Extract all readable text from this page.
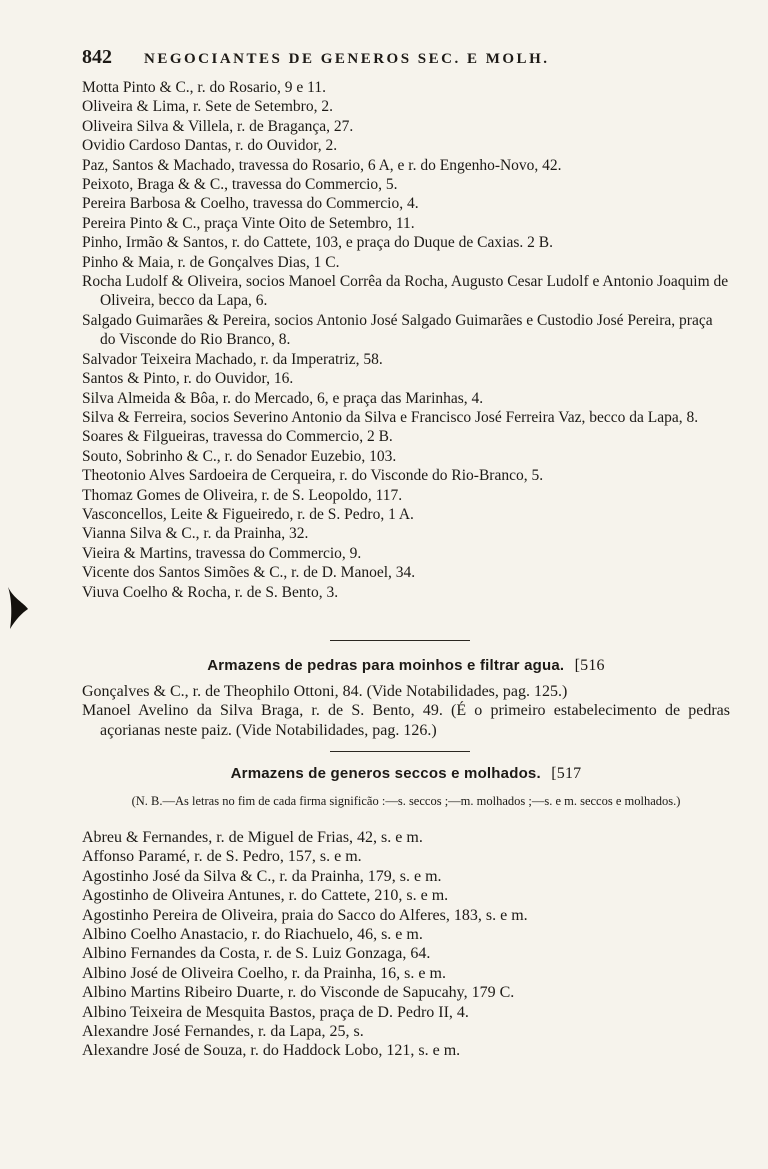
842	NEGOCIANTES DE GENEROS SEC. E MOLH.
Motta Pinto & C., r. do Rosario, 9 e 11.
Oliveira & Lima, r. Sete de Setembro, 2.
Oliveira Silva & Villela, r. de Bragança, 27.
Ovidio Cardoso Dantas, r. do Ouvidor, 2.
Paz, Santos & Machado, travessa do Rosario, 6 A, e r. do Engenho-Novo, 42.
Peixoto, Braga & & C., travessa do Commercio, 5.
Pereira Barbosa & Coelho, travessa do Commercio, 4.
Pereira Pinto & C., praça Vinte Oito de Setembro, 11.
Pinho, Irmão & Santos, r. do Cattete, 103, e praça do Duque de Caxias. 2 B.
Pinho & Maia, r. de Gonçalves Dias, 1 C.
Rocha Ludolf & Oliveira, socios Manoel Corrêa da Rocha, Augusto Cesar Ludolf e Antonio Joaquim de Oliveira, becco da Lapa, 6.
Salgado Guimarães & Pereira, socios Antonio José Salgado Guimarães e Custodio José Pereira, praça do Visconde do Rio Branco, 8.
Salvador Teixeira Machado, r. da Imperatriz, 58.
Santos & Pinto, r. do Ouvidor, 16.
Silva Almeida & Bôa, r. do Mercado, 6, e praça das Marinhas, 4.
Silva & Ferreira, socios Severino Antonio da Silva e Francisco José Ferreira Vaz, becco da Lapa, 8.
Soares & Filgueiras, travessa do Commercio, 2 B.
Souto, Sobrinho & C., r. do Senador Euzebio, 103.
Theotonio Alves Sardoeira de Cerqueira, r. do Visconde do Rio-Branco, 5.
Thomaz Gomes de Oliveira, r. de S. Leopoldo, 117.
Vasconcellos, Leite & Figueiredo, r. de S. Pedro, 1 A.
Vianna Silva & C., r. da Prainha, 32.
Vieira & Martins, travessa do Commercio, 9.
Vicente dos Santos Simões & C., r. de D. Manoel, 34.
Viuva Coelho & Rocha, r. de S. Bento, 3.
Armazens de pedras para moinhos e filtrar agua. [516
Gonçalves & C., r. de Theophilo Ottoni, 84. (Vide Notabilidades, pag. 125.)
Manoel Avelino da Silva Braga, r. de S. Bento, 49. (É o primeiro estabelecimento de pedras açorianas neste paiz. (Vide Notabilidades, pag. 126.)
Armazens de generos seccos e molhados. [517
(N. B.—As letras no fim de cada firma significão :—s. seccos ;—m. molhados ;—s. e m. seccos e molhados.)
Abreu & Fernandes, r. de Miguel de Frias, 42, s. e m.
Affonso Paramé, r. de S. Pedro, 157, s. e m.
Agostinho José da Silva & C., r. da Prainha, 179, s. e m.
Agostinho de Oliveira Antunes, r. do Cattete, 210, s. e m.
Agostinho Pereira de Oliveira, praia do Sacco do Alferes, 183, s. e m.
Albino Coelho Anastacio, r. do Riachuelo, 46, s. e m.
Albino Fernandes da Costa, r. de S. Luiz Gonzaga, 64.
Albino José de Oliveira Coelho, r. da Prainha, 16, s. e m.
Albino Martins Ribeiro Duarte, r. do Visconde de Sapucahy, 179 C.
Albino Teixeira de Mesquita Bastos, praça de D. Pedro II, 4.
Alexandre José Fernandes, r. da Lapa, 25, s.
Alexandre José de Souza, r. do Haddock Lobo, 121, s. e m.
